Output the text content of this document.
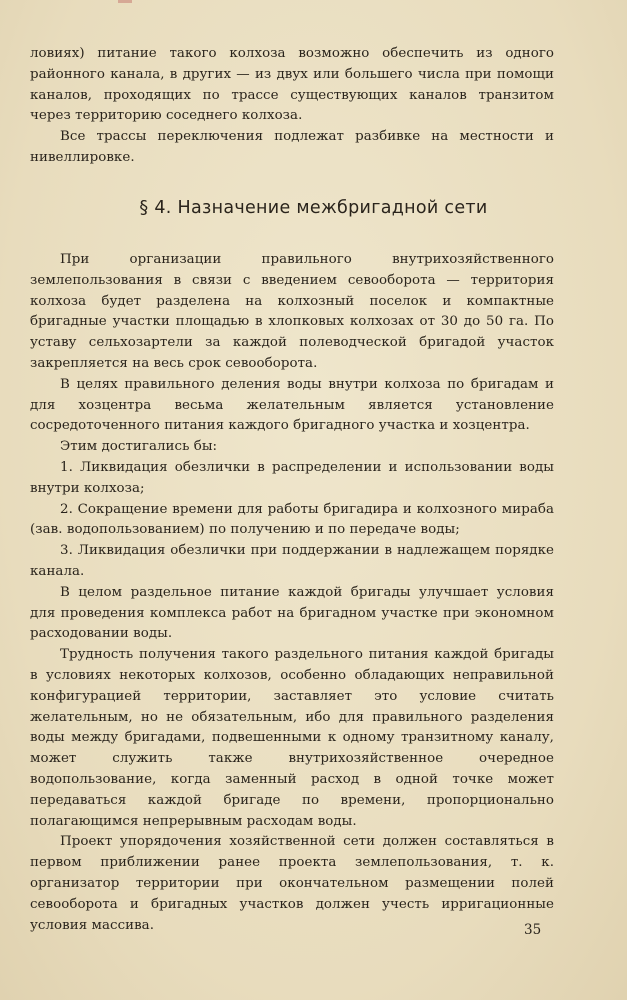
ловиях) питание такого колхоза возможно обеспечить из одного районного канала, в других — из двух или большего числа при помощи каналов, проходящих по трассе существующих каналов транзитом через территорию соседнего колхоза.

Все трассы переключения подлежат разбивке на местности и нивеллировке.

§ 4. Назначение межбригадной сети

При организации правильного внутрихозяйственного землепользования в связи с введением севооборота — территория колхоза будет разделена на колхозный поселок и компактные бригадные участки площадью в хлопковых колхозах от 30 до 50 га. По уставу сельхозартели за каждой полеводческой бригадой участок закрепляется на весь срок севооборота.

В целях правильного деления воды внутри колхоза по бригадам и для хозцентра весьма желательным является установление сосредоточенного питания каждого бригадного участка и хозцентра.

Этим достигались бы:

1. Ликвидация обезлички в распределении и использовании воды внутри колхоза;

2. Сокращение времени для работы бригадира и колхозного мираба (зав. водопользованием) по получению и по передаче воды;

3. Ликвидация обезлички при поддержании в надлежащем порядке канала.

В целом раздельное питание каждой бригады улучшает условия для проведения комплекса работ на бригадном участке при экономном расходовании воды.

Трудность получения такого раздельного питания каждой бригады в условиях некоторых колхозов, особенно обладающих неправильной конфигурацией территории, заставляет это условие считать желательным, но не обязательным, ибо для правильного разделения воды между бригадами, подвешенными к одному транзитному каналу, может служить также внутрихозяйственное очередное водопользование, когда заменный расход в одной точке может передаваться каждой бригаде по времени, пропорционально полагающимся непрерывным расходам воды.

Проект упорядочения хозяйственной сети должен составляться в первом приближении ранее проекта землепользования, т. к. организатор территории при окончательном размещении полей севооборота и бригадных участков должен учесть ирригационные условия массива.	35
